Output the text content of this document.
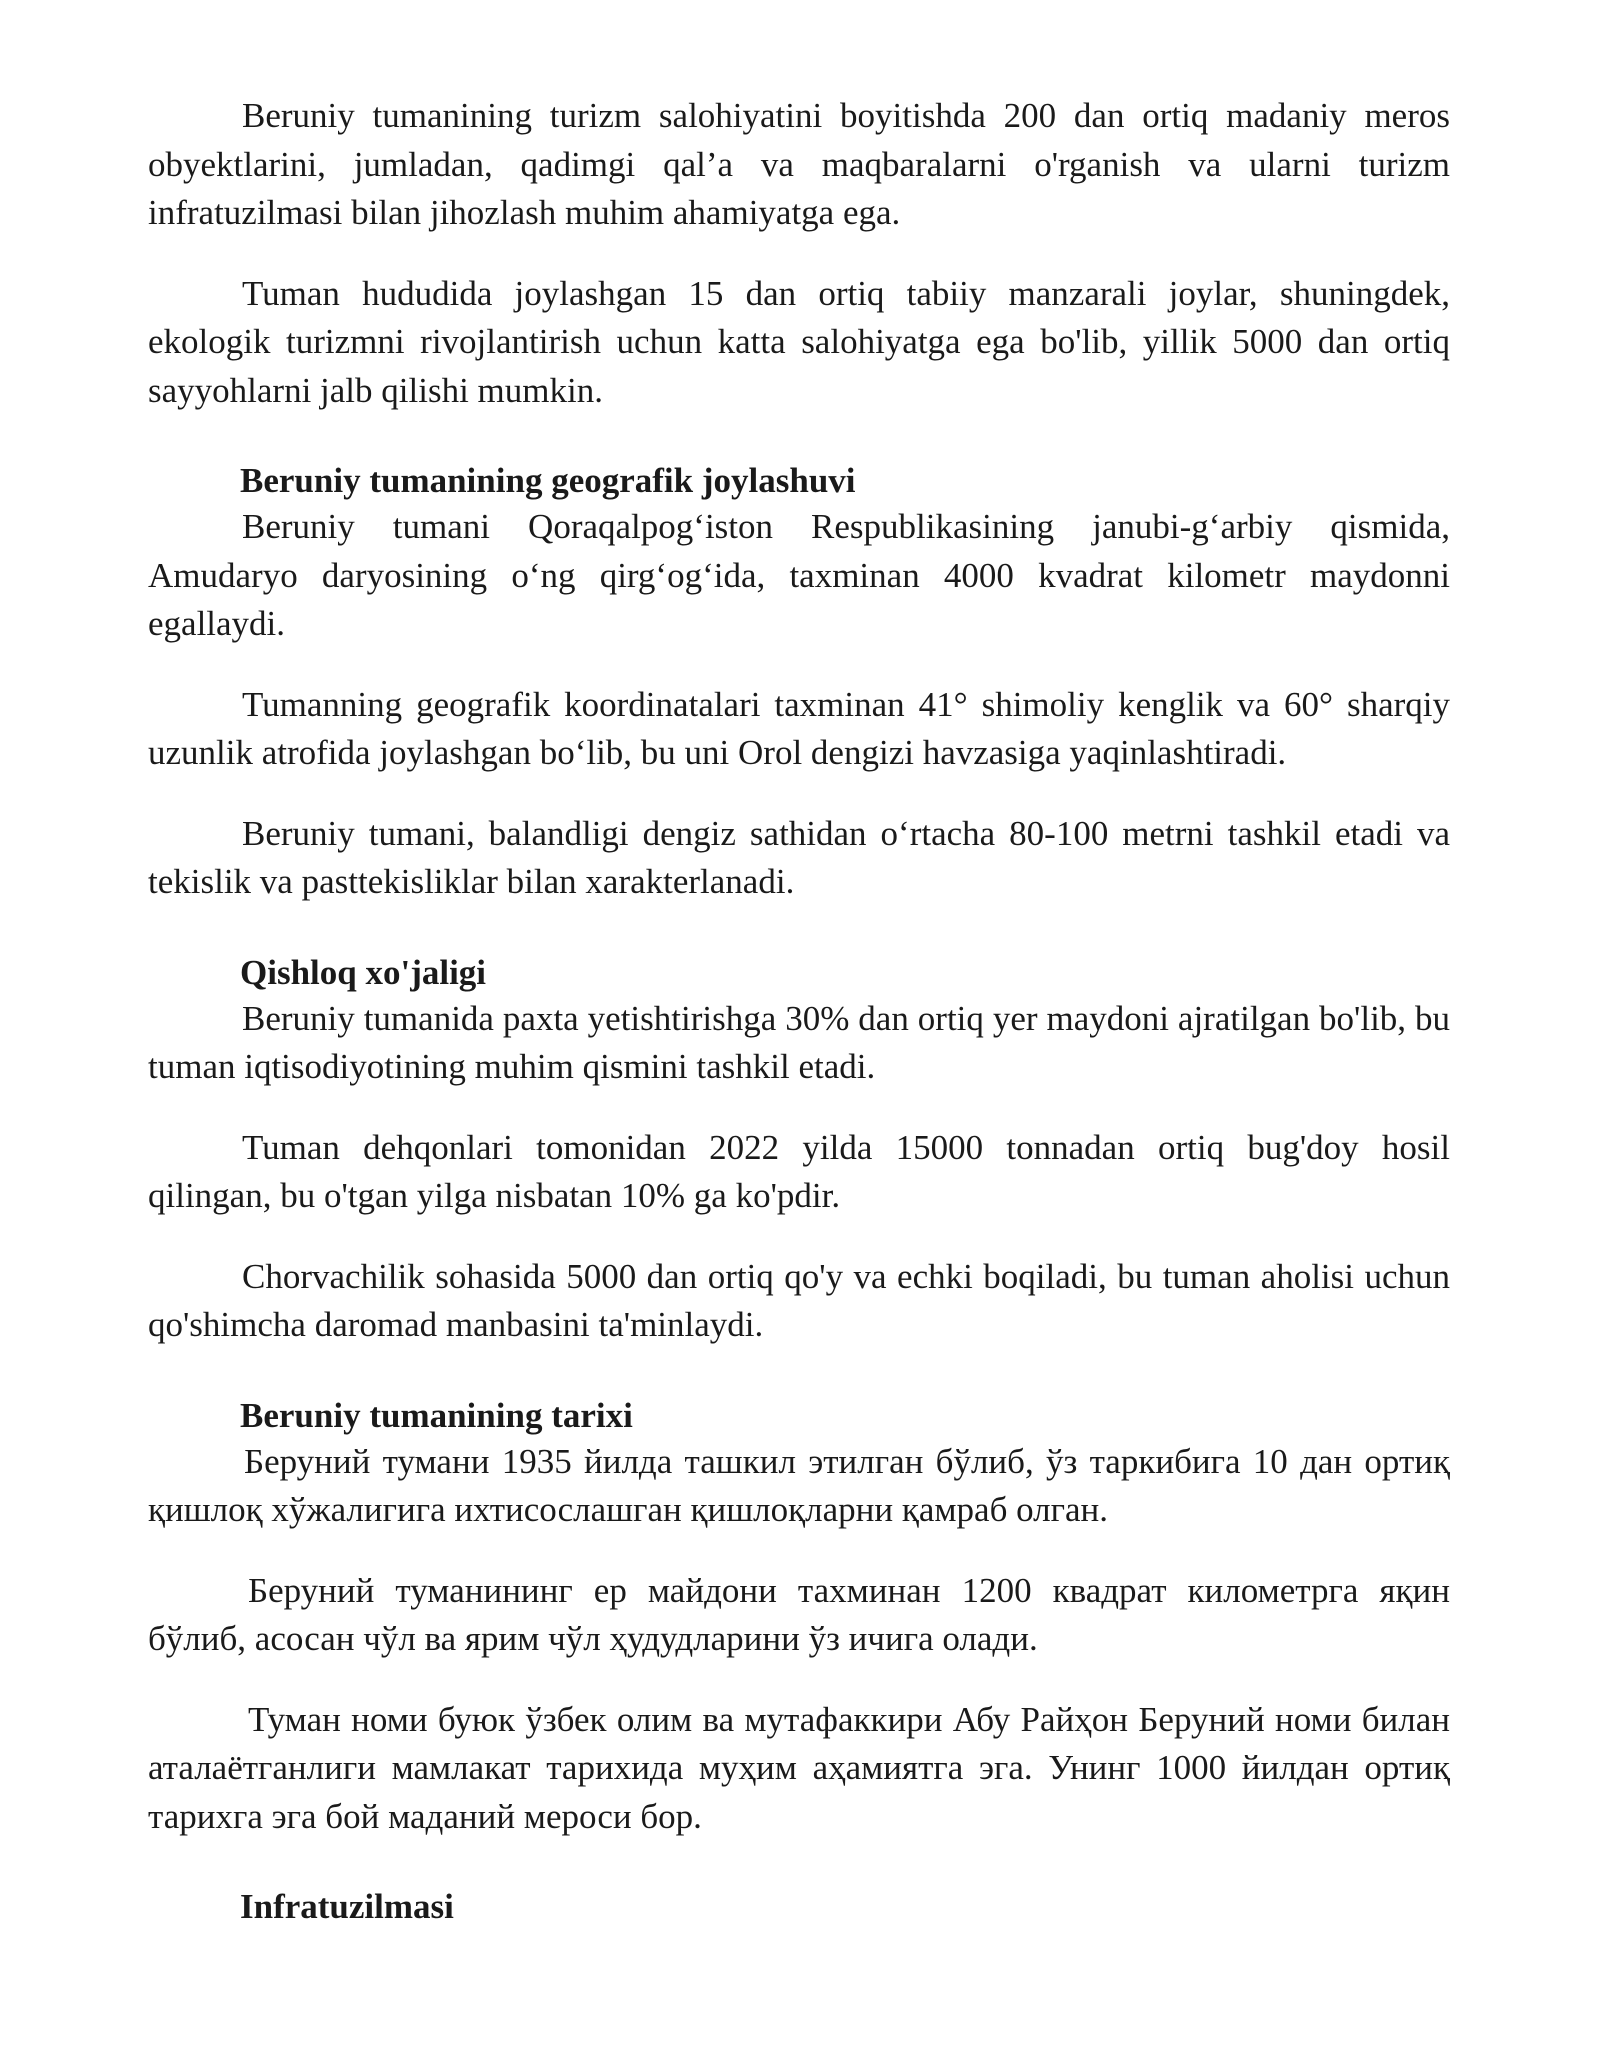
Beruniy tumanining turizm salohiyatini boyitishda 200 dan ortiq madaniy meros obyektlarini, jumladan, qadimgi qal’a va maqbaralarni o'rganish va ularni turizm infratuzilmasi bilan jihozlash muhim ahamiyatga ega.

Tuman hududida joylashgan 15 dan ortiq tabiiy manzarali joylar, shuningdek, ekologik turizmni rivojlantirish uchun katta salohiyatga ega bo'lib, yillik 5000 dan ortiq sayyohlarni jalb qilishi mumkin.

Beruniy tumanining geografik joylashuvi

Beruniy tumani Qoraqalpog‘iston Respublikasining janubi-g‘arbiy qismida, Amudaryo daryosining o‘ng qirg‘og‘ida, taxminan 4000 kvadrat kilometr maydonni egallaydi.

Tumanning geografik koordinatalari taxminan 41° shimoliy kenglik va 60° sharqiy uzunlik atrofida joylashgan bo‘lib, bu uni Orol dengizi havzasiga yaqinlashtiradi.

Beruniy tumani, balandligi dengiz sathidan o‘rtacha 80-100 metrni tashkil etadi va tekislik va pasttekisliklar bilan xarakterlanadi.

Qishloq xo'jaligi

Beruniy tumanida paxta yetishtirishga 30% dan ortiq yer maydoni ajratilgan bo'lib, bu tuman iqtisodiyotining muhim qismini tashkil etadi.

Tuman dehqonlari tomonidan 2022 yilda 15000 tonnadan ortiq bug'doy hosil qilingan, bu o'tgan yilga nisbatan 10% ga ko'pdir.

Chorvachilik sohasida 5000 dan ortiq qo'y va echki boqiladi, bu tuman aholisi uchun qo'shimcha daromad manbasini ta'minlaydi.

Beruniy tumanining tarixi

Беруний тумани 1935 йилда ташкил этилган бўлиб, ўз таркибига 10 дан ортиқ қишлоқ хўжалигига ихтисослашган қишлоқларни қамраб олган.

Беруний туманининг ер майдони тахминан 1200 квадрат километрга яқин бўлиб, асосан чўл ва ярим чўл ҳудудларини ўз ичига олади.

Туман номи буюк ўзбек олим ва мутафаккири Абу Райҳон Беруний номи билан аталаётганлиги мамлакат тарихида муҳим аҳамиятга эга. Унинг 1000 йилдан ортиқ тарихга эга бой маданий мероси бор.

Infratuzilmasi
